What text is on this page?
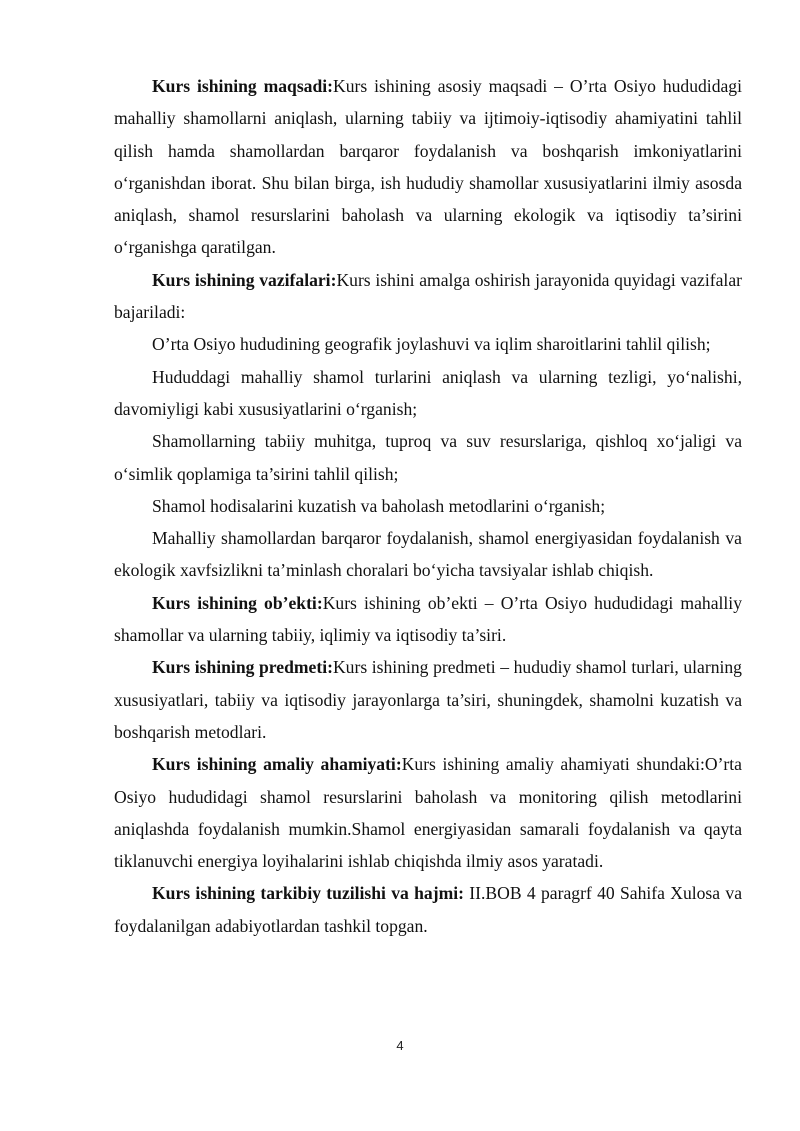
Kurs ishining maqsadi:Kurs ishining asosiy maqsadi – O’rta Osiyo hududidagi mahalliy shamollarni aniqlash, ularning tabiiy va ijtimoiy-iqtisodiy ahamiyatini tahlil qilish hamda shamollardan barqaror foydalanish va boshqarish imkoniyatlarini oʻrganishdan iborat. Shu bilan birga, ish hududiy shamollar xususiyatlarini ilmiy asosda aniqlash, shamol resurslarini baholash va ularning ekologik va iqtisodiy ta’sirini oʻrganishga qaratilgan.

Kurs ishining vazifalari:Kurs ishini amalga oshirish jarayonida quyidagi vazifalar bajariladi:

O’rta Osiyo hududining geografik joylashuvi va iqlim sharoitlarini tahlil qilish;

Hududdagi mahalliy shamol turlarini aniqlash va ularning tezligi, yoʻnalishi, davomiyligi kabi xususiyatlarini oʻrganish;

Shamollarning tabiiy muhitga, tuproq va suv resurslariga, qishloq xoʻjaligi va oʻsimlik qoplamiga ta’sirini tahlil qilish;

Shamol hodisalarini kuzatish va baholash metodlarini oʻrganish;

Mahalliy shamollardan barqaror foydalanish, shamol energiyasidan foydalanish va ekologik xavfsizlikni ta’minlash choralari boʻyicha tavsiyalar ishlab chiqish.

Kurs ishining ob’ekti:Kurs ishining ob’ekti – O’rta Osiyo hududidagi mahalliy shamollar va ularning tabiiy, iqlimiy va iqtisodiy ta’siri.

Kurs ishining predmeti:Kurs ishining predmeti – hududiy shamol turlari, ularning xususiyatlari, tabiiy va iqtisodiy jarayonlarga ta’siri, shuningdek, shamolni kuzatish va boshqarish metodlari.

Kurs ishining amaliy ahamiyati:Kurs ishining amaliy ahamiyati shundaki:O’rta Osiyo hududidagi shamol resurslarini baholash va monitoring qilish metodlarini aniqlashda foydalanish mumkin.Shamol energiyasidan samarali foydalanish va qayta tiklanuvchi energiya loyihalarini ishlab chiqishda ilmiy asos yaratadi.

Kurs ishining tarkibiy tuzilishi va hajmi: II.BOB 4 paragrf 40 Sahifa Xulosa va foydalanilgan adabiyotlardan tashkil topgan.

4
